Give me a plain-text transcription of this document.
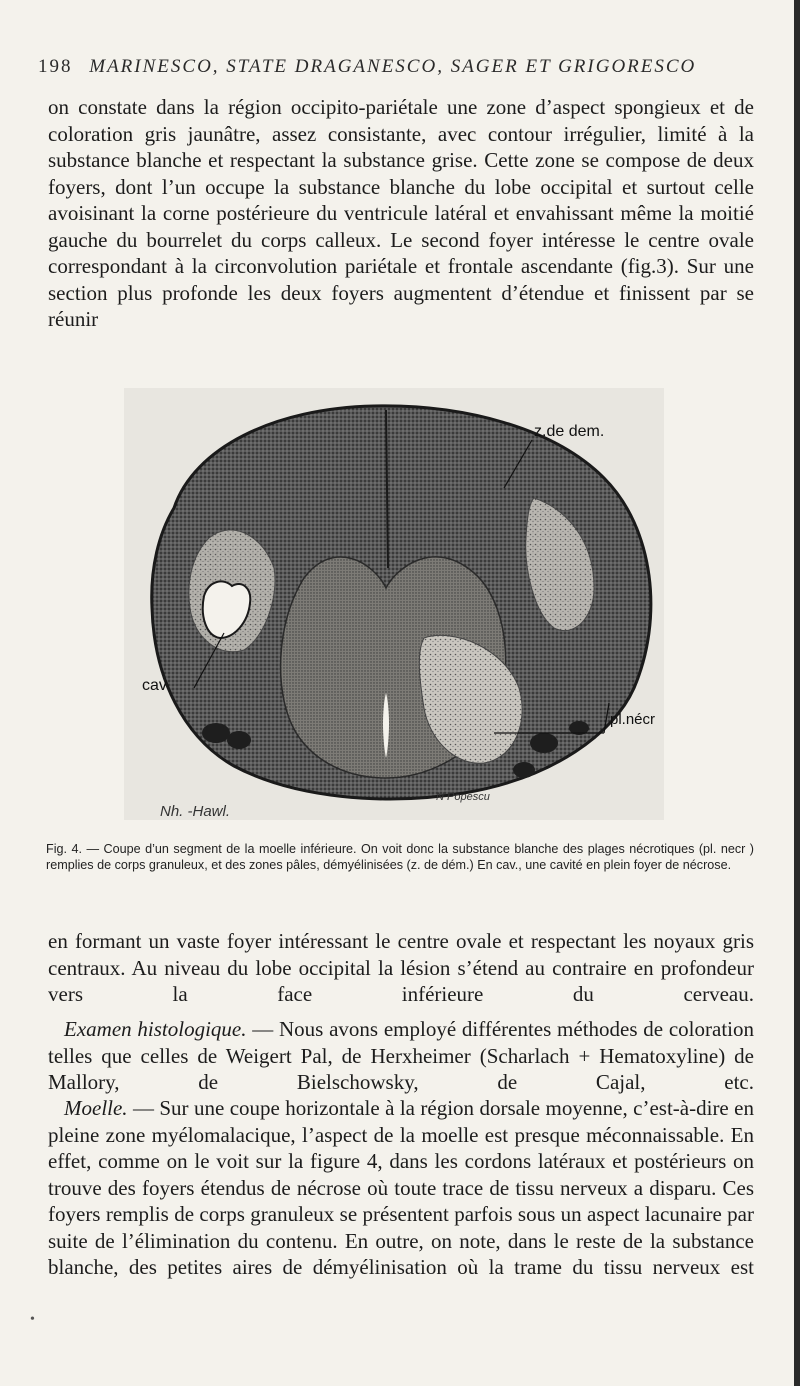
198 MARINESCO, STATE DRAGANESCO, SAGER ET GRIGORESCO
on constate dans la région occipito-pariétale une zone d’aspect spongieux et de coloration gris jaunâtre, assez consistante, avec contour irrégulier, limité à la substance blanche et respectant la substance grise. Cette zone se compose de deux foyers, dont l’un occupe la substance blanche du lobe occipital et surtout celle avoisinant la corne postérieure du ventricule latéral et envahissant même la moitié gauche du bourrelet du corps calleux. Le second foyer intéresse le centre ovale correspondant à la circonvolution pariétale et frontale ascendante (fig.3). Sur une section plus profonde les deux foyers augmentent d’étendue et finissent par se réunir
z.de dem.
cav
pl.nécr
Nh. -Hawl.
N Popescu
Fig. 4. — Coupe d’un segment de la moelle inférieure. On voit donc la substance blanche des plages nécrotiques (pl. necr ) remplies de corps granuleux, et des zones pâles, démyélinisées (z. de dém.) En cav., une cavité en plein foyer de nécrose.
en formant un vaste foyer intéressant le centre ovale et respectant les noyaux gris centraux. Au niveau du lobe occipital la lésion s’étend au contraire en profondeur vers la face inférieure du cerveau.
Examen histologique. — Nous avons employé différentes méthodes de coloration telles que celles de Weigert Pal, de Herxheimer (Scharlach + Hematoxyline) de Mallory, de Bielschowsky, de Cajal, etc.
Moelle. — Sur une coupe horizontale à la région dorsale moyenne, c’est-à-dire en pleine zone myélomalacique, l’aspect de la moelle est presque méconnaissable. En effet, comme on le voit sur la figure 4, dans les cordons latéraux et postérieurs on trouve des foyers étendus de nécrose où toute trace de tissu nerveux a disparu. Ces foyers remplis de corps granuleux se présentent parfois sous un aspect lacunaire par suite de l’élimination du contenu. En outre, on note, dans le reste de la substance blanche, des petites aires de démyélinisation où la trame du tissu nerveux est
•
